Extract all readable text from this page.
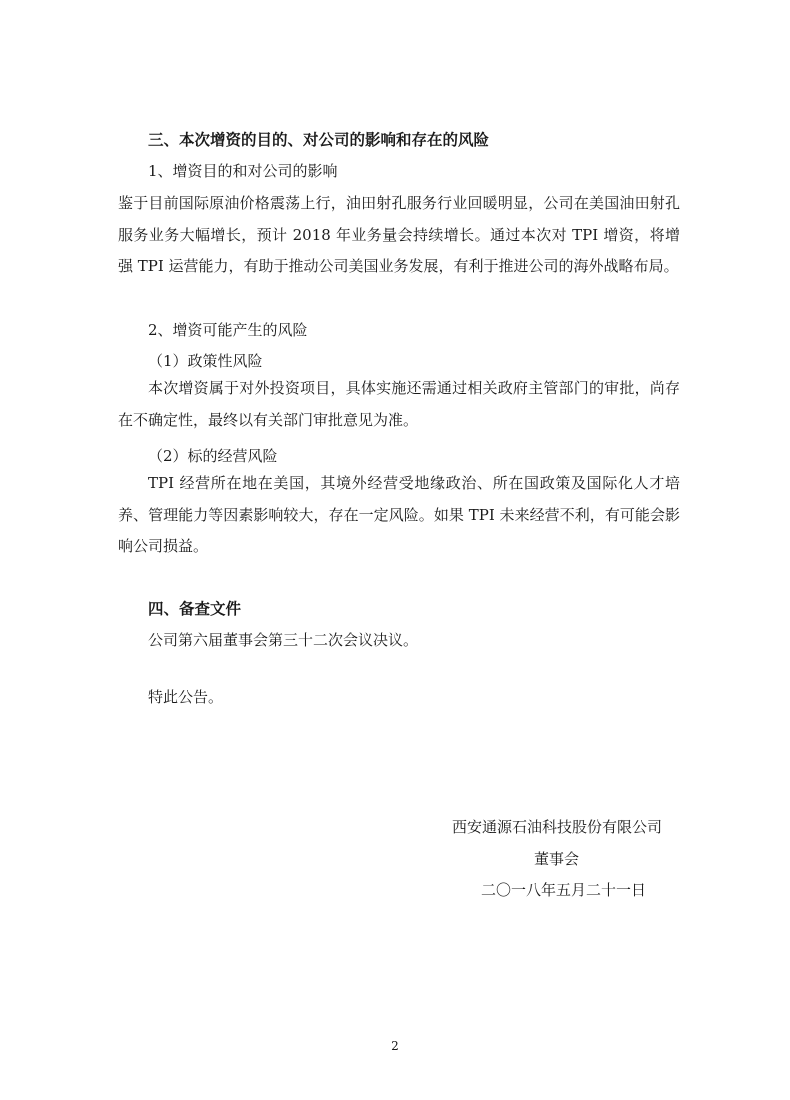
三、本次增资的目的、对公司的影响和存在的风险
1、增资目的和对公司的影响
鉴于目前国际原油价格震荡上行，油田射孔服务行业回暖明显，公司在美国油田射孔服务业务大幅增长，预计 2018 年业务量会持续增长。通过本次对 TPI 增资，将增强 TPI 运营能力，有助于推动公司美国业务发展，有利于推进公司的海外战略布局。
2、增资可能产生的风险
（1）政策性风险
本次增资属于对外投资项目，具体实施还需通过相关政府主管部门的审批，尚存在不确定性，最终以有关部门审批意见为准。
（2）标的经营风险
TPI 经营所在地在美国，其境外经营受地缘政治、所在国政策及国际化人才培养、管理能力等因素影响较大，存在一定风险。如果 TPI 未来经营不利，有可能会影响公司损益。
四、备查文件
公司第六届董事会第三十二次会议决议。
特此公告。
西安通源石油科技股份有限公司
董事会
二〇一八年五月二十一日
2
